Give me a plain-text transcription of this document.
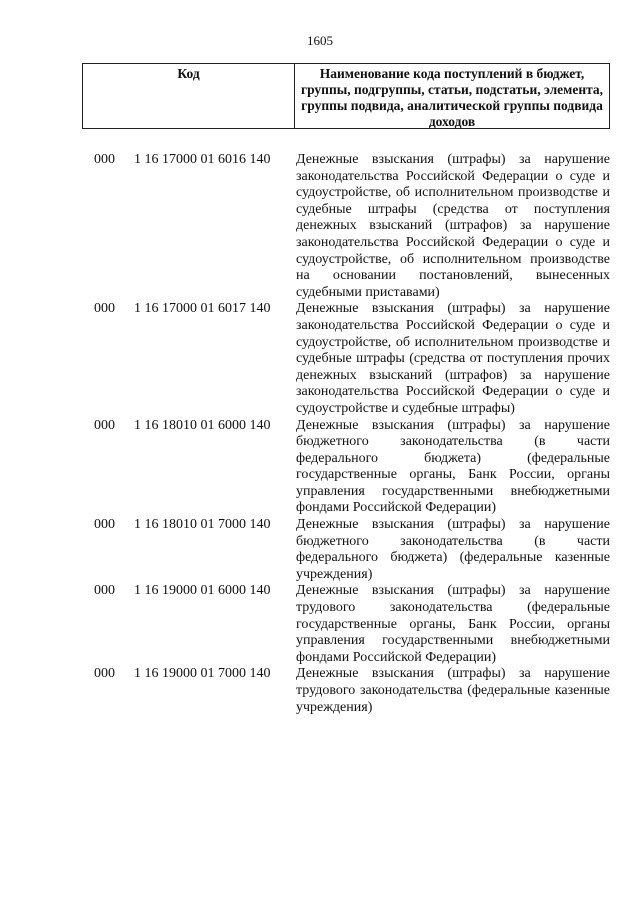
1605
Код	Наименование кода поступлений в бюджет, группы, подгруппы, статьи, подстатьи, элемента, группы подвида, аналитической группы подвида доходов
000	1 16 17000 01 6016 140	Денежные взыскания (штрафы) за нарушение законодательства Российской Федерации о суде и судоустройстве, об исполнительном производстве и судебные штрафы (средства от поступления денежных взысканий (штрафов) за нарушение законодательства Российской Федерации о суде и судоустройстве, об исполнительном производстве на основании постановлений, вынесенных судебными приставами)
000	1 16 17000 01 6017 140	Денежные взыскания (штрафы) за нарушение законодательства Российской Федерации о суде и судоустройстве, об исполнительном производстве и судебные штрафы (средства от поступления прочих денежных взысканий (штрафов) за нарушение законодательства Российской Федерации о суде и судоустройстве и судебные штрафы)
000	1 16 18010 01 6000 140	Денежные взыскания (штрафы) за нарушение бюджетного законодательства (в части федерального бюджета) (федеральные государственные органы, Банк России, органы управления государственными внебюджетными фондами Российской Федерации)
000	1 16 18010 01 7000 140	Денежные взыскания (штрафы) за нарушение бюджетного законодательства (в части федерального бюджета) (федеральные казенные учреждения)
000	1 16 19000 01 6000 140	Денежные взыскания (штрафы) за нарушение трудового законодательства (федеральные государственные органы, Банк России, органы управления государственными внебюджетными фондами Российской Федерации)
000	1 16 19000 01 7000 140	Денежные взыскания (штрафы) за нарушение трудового законодательства (федеральные казенные учреждения)
